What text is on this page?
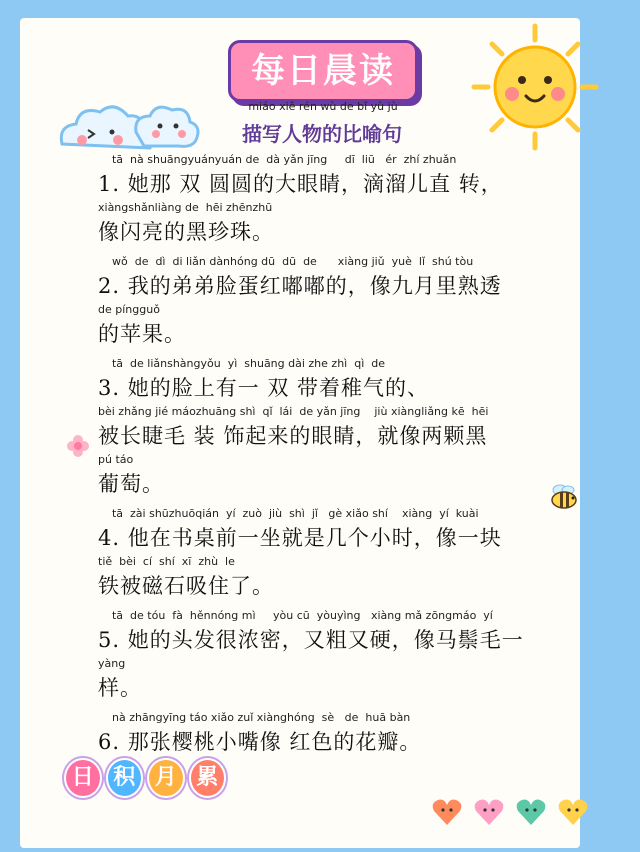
每日晨读
miáo xiě rén wù de bǐ yù jù
描写人物的比喻句
tā  nà shuāngyuányuán de  dà yǎn jīng     dī  liū   ér  zhí zhuǎn
1. 她那 双 圆圆的大眼睛，滴溜儿直 转，
xiàngshǎnliàng de  hēi zhēnzhū
像闪亮的黑珍珠。
wǒ  de  dì  di liǎn dànhóng dū  dū  de      xiàng jiǔ  yuè  lǐ  shú tòu
2. 我的弟弟脸蛋红嘟嘟的，像九月里熟透
de píngguǒ
的苹果。
tā  de liǎnshàngyǒu  yì  shuāng dài zhe zhì  qì  de
3. 她的脸上有一 双 带着稚气的、
bèi zhǎng jié máozhuāng shì  qǐ  lái  de yǎn jīng    jiù xiàngliǎng kē  hēi
被长睫毛 装 饰起来的眼睛，就像两颗黑
pú táo
葡萄。
tā  zài shūzhuōqián  yí  zuò  jiù  shì  jǐ   gè xiǎo shí    xiàng  yí  kuài
4. 他在书桌前一坐就是几个小时，像一块
tiě  bèi  cí  shí  xī  zhù  le
铁被磁石吸住了。
tā  de tóu  fà  hěnnóng mì     yòu cū  yòuyìng   xiàng mǎ zōngmáo  yí
5. 她的头发很浓密，又粗又硬，像马鬃毛一
yàng
样。
nà zhāngyīng táo xiǎo zuǐ xiànghóng  sè   de  huā bàn
6. 那张樱桃小嘴像 红色的花瓣。
日 积 月 累
